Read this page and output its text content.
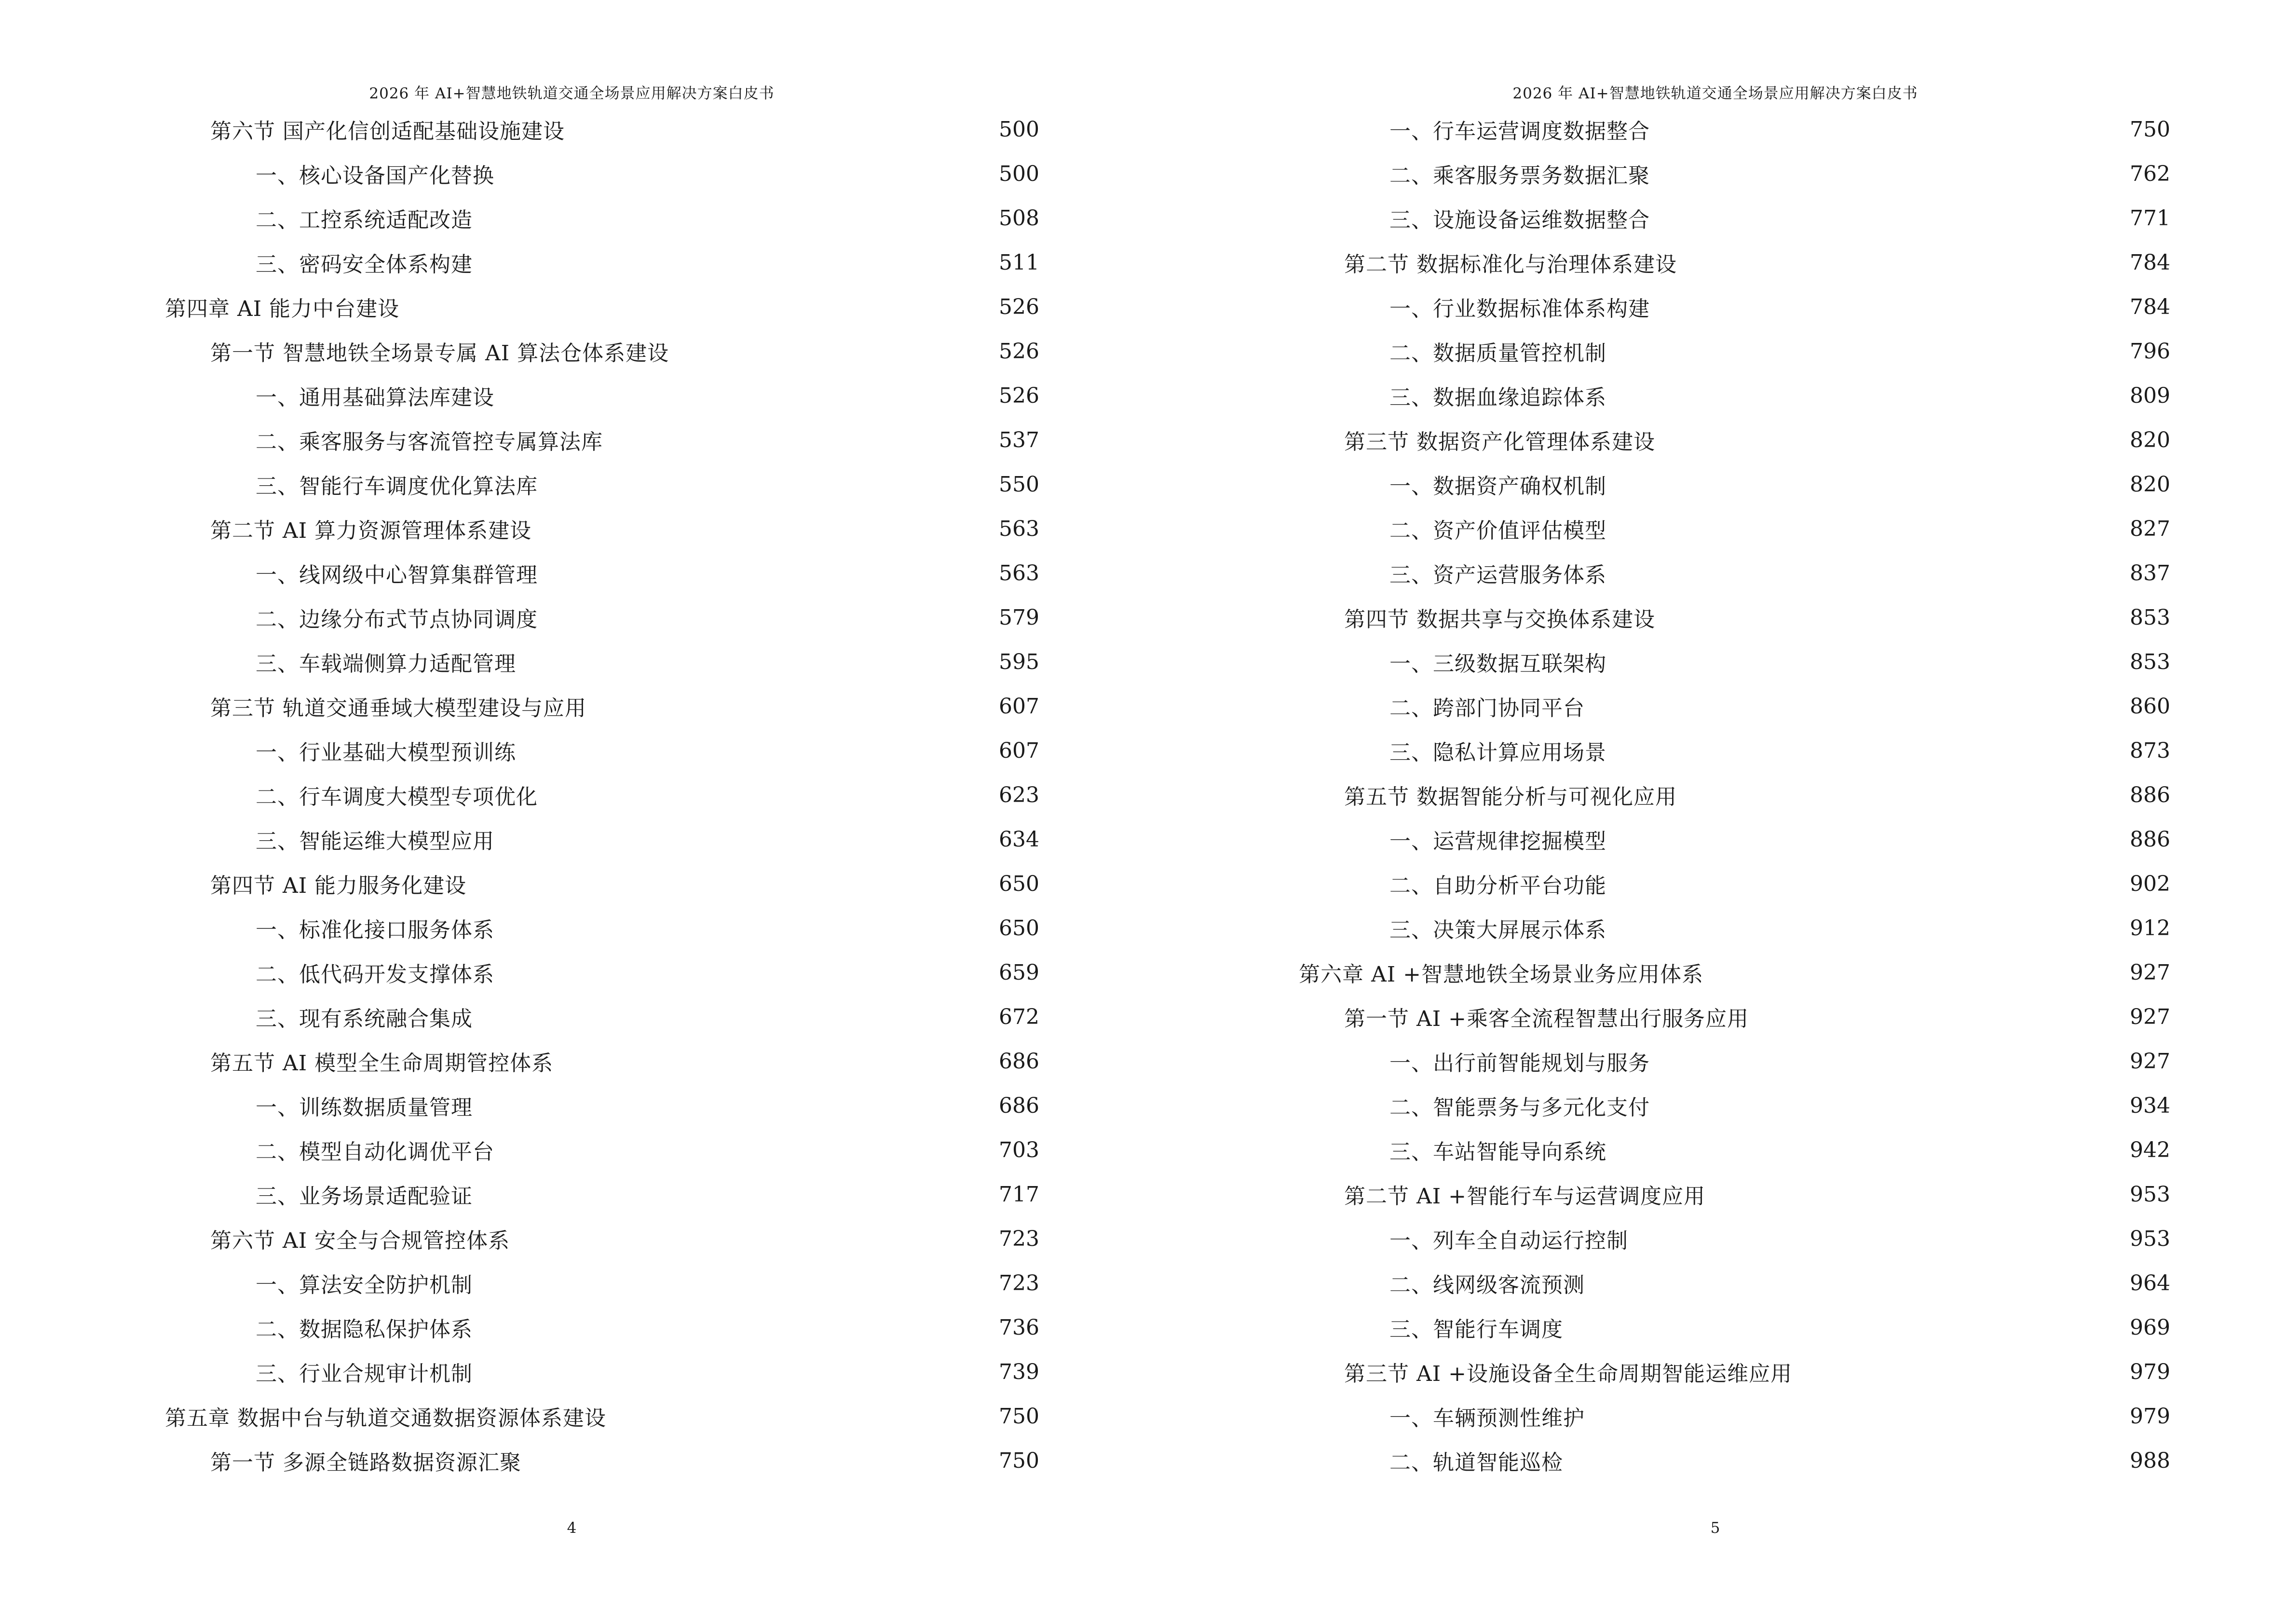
2026 年 AI+智慧地铁轨道交通全场景应用解决方案白皮书
第六节 国产化信创适配基础设施建设	500
一、核心设备国产化替换	500
二、工控系统适配改造	508
三、密码安全体系构建	511
第四章 AI 能力中台建设	526
第一节 智慧地铁全场景专属 AI 算法仓体系建设	526
一、通用基础算法库建设	526
二、乘客服务与客流管控专属算法库	537
三、智能行车调度优化算法库	550
第二节 AI 算力资源管理体系建设	563
一、线网级中心智算集群管理	563
二、边缘分布式节点协同调度	579
三、车载端侧算力适配管理	595
第三节 轨道交通垂域大模型建设与应用	607
一、行业基础大模型预训练	607
二、行车调度大模型专项优化	623
三、智能运维大模型应用	634
第四节 AI 能力服务化建设	650
一、标准化接口服务体系	650
二、低代码开发支撑体系	659
三、现有系统融合集成	672
第五节 AI 模型全生命周期管控体系	686
一、训练数据质量管理	686
二、模型自动化调优平台	703
三、业务场景适配验证	717
第六节 AI 安全与合规管控体系	723
一、算法安全防护机制	723
二、数据隐私保护体系	736
三、行业合规审计机制	739
第五章 数据中台与轨道交通数据资源体系建设	750
第一节 多源全链路数据资源汇聚	750
4
2026 年 AI+智慧地铁轨道交通全场景应用解决方案白皮书
一、行车运营调度数据整合	750
二、乘客服务票务数据汇聚	762
三、设施设备运维数据整合	771
第二节 数据标准化与治理体系建设	784
一、行业数据标准体系构建	784
二、数据质量管控机制	796
三、数据血缘追踪体系	809
第三节 数据资产化管理体系建设	820
一、数据资产确权机制	820
二、资产价值评估模型	827
三、资产运营服务体系	837
第四节 数据共享与交换体系建设	853
一、三级数据互联架构	853
二、跨部门协同平台	860
三、隐私计算应用场景	873
第五节 数据智能分析与可视化应用	886
一、运营规律挖掘模型	886
二、自助分析平台功能	902
三、决策大屏展示体系	912
第六章 AI +智慧地铁全场景业务应用体系	927
第一节 AI +乘客全流程智慧出行服务应用	927
一、出行前智能规划与服务	927
二、智能票务与多元化支付	934
三、车站智能导向系统	942
第二节 AI +智能行车与运营调度应用	953
一、列车全自动运行控制	953
二、线网级客流预测	964
三、智能行车调度	969
第三节 AI +设施设备全生命周期智能运维应用	979
一、车辆预测性维护	979
二、轨道智能巡检	988
5
